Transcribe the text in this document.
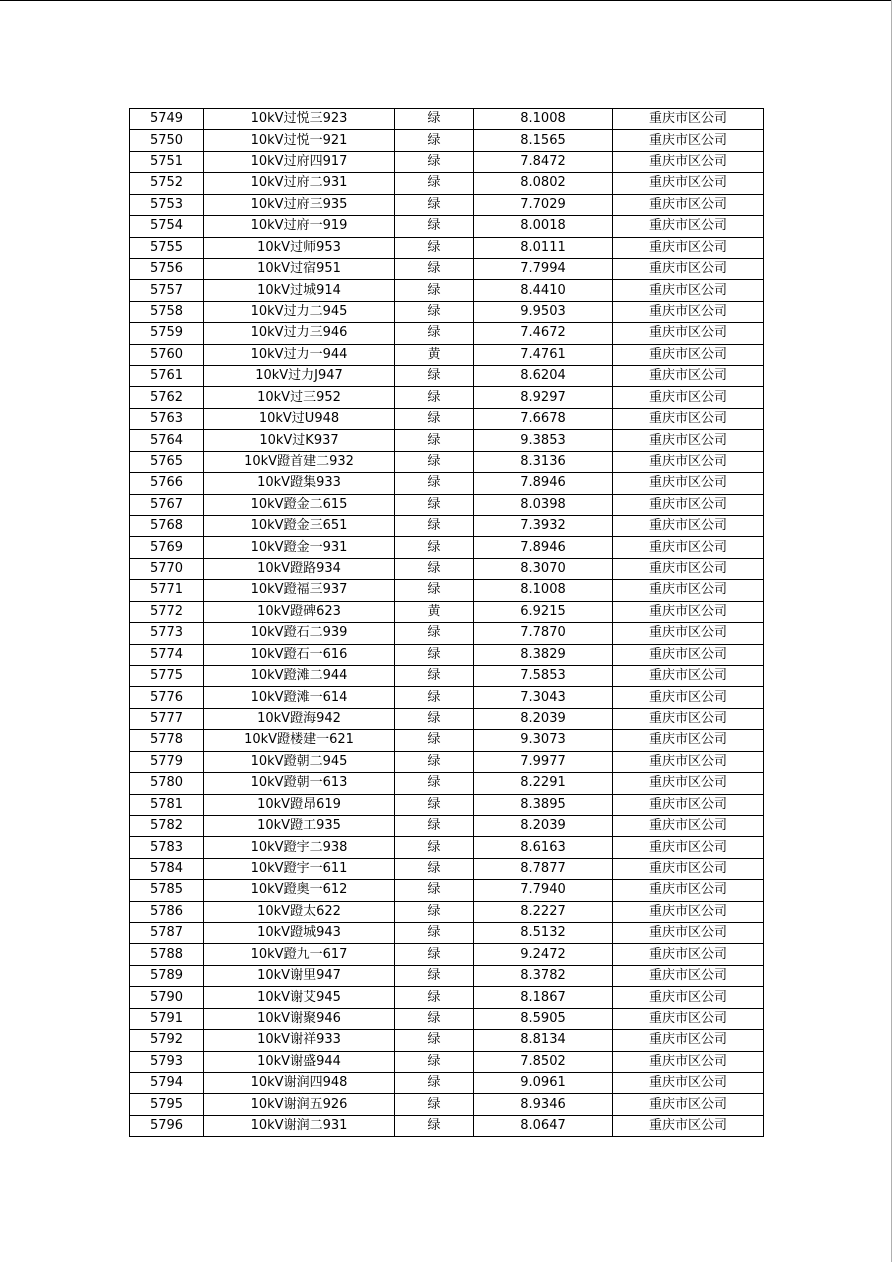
5749	10kV过悦三923	绿	8.1008	重庆市区公司
5750	10kV过悦一921	绿	8.1565	重庆市区公司
5751	10kV过府四917	绿	7.8472	重庆市区公司
5752	10kV过府二931	绿	8.0802	重庆市区公司
5753	10kV过府三935	绿	7.7029	重庆市区公司
5754	10kV过府一919	绿	8.0018	重庆市区公司
5755	10kV过师953	绿	8.0111	重庆市区公司
5756	10kV过宿951	绿	7.7994	重庆市区公司
5757	10kV过城914	绿	8.4410	重庆市区公司
5758	10kV过力二945	绿	9.9503	重庆市区公司
5759	10kV过力三946	绿	7.4672	重庆市区公司
5760	10kV过力一944	黄	7.4761	重庆市区公司
5761	10kV过力J947	绿	8.6204	重庆市区公司
5762	10kV过三952	绿	8.9297	重庆市区公司
5763	10kV过U948	绿	7.6678	重庆市区公司
5764	10kV过K937	绿	9.3853	重庆市区公司
5765	10kV蹬首建二932	绿	8.3136	重庆市区公司
5766	10kV蹬集933	绿	7.8946	重庆市区公司
5767	10kV蹬金二615	绿	8.0398	重庆市区公司
5768	10kV蹬金三651	绿	7.3932	重庆市区公司
5769	10kV蹬金一931	绿	7.8946	重庆市区公司
5770	10kV蹬路934	绿	8.3070	重庆市区公司
5771	10kV蹬福三937	绿	8.1008	重庆市区公司
5772	10kV蹬碑623	黄	6.9215	重庆市区公司
5773	10kV蹬石二939	绿	7.7870	重庆市区公司
5774	10kV蹬石一616	绿	8.3829	重庆市区公司
5775	10kV蹬滩二944	绿	7.5853	重庆市区公司
5776	10kV蹬滩一614	绿	7.3043	重庆市区公司
5777	10kV蹬海942	绿	8.2039	重庆市区公司
5778	10kV蹬楼建一621	绿	9.3073	重庆市区公司
5779	10kV蹬朝二945	绿	7.9977	重庆市区公司
5780	10kV蹬朝一613	绿	8.2291	重庆市区公司
5781	10kV蹬昂619	绿	8.3895	重庆市区公司
5782	10kV蹬工935	绿	8.2039	重庆市区公司
5783	10kV蹬宇二938	绿	8.6163	重庆市区公司
5784	10kV蹬宇一611	绿	8.7877	重庆市区公司
5785	10kV蹬奥一612	绿	7.7940	重庆市区公司
5786	10kV蹬太622	绿	8.2227	重庆市区公司
5787	10kV蹬城943	绿	8.5132	重庆市区公司
5788	10kV蹬九一617	绿	9.2472	重庆市区公司
5789	10kV谢里947	绿	8.3782	重庆市区公司
5790	10kV谢艾945	绿	8.1867	重庆市区公司
5791	10kV谢聚946	绿	8.5905	重庆市区公司
5792	10kV谢祥933	绿	8.8134	重庆市区公司
5793	10kV谢盛944	绿	7.8502	重庆市区公司
5794	10kV谢润四948	绿	9.0961	重庆市区公司
5795	10kV谢润五926	绿	8.9346	重庆市区公司
5796	10kV谢润二931	绿	8.0647	重庆市区公司
